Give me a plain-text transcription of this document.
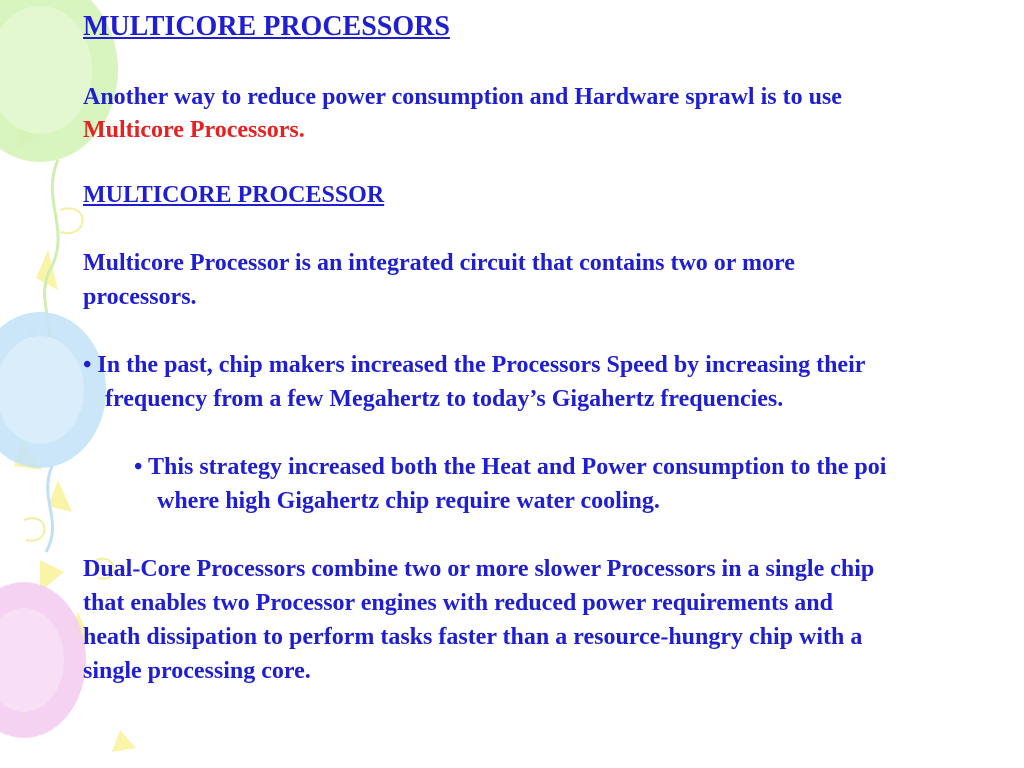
MULTICORE PROCESSORS

Another way to reduce power consumption and Hardware sprawl is to use

Multicore Processors.

MULTICORE PROCESSOR

Multicore Processor is an integrated circuit that contains two or more

processors.

• In the past, chip makers increased the Processors Speed by increasing their

frequency from a few Megahertz to today’s Gigahertz frequencies.

• This strategy increased both the Heat and Power consumption to the poi

where high Gigahertz chip require water cooling.

Dual-Core Processors combine two or more slower Processors in a single chip

that enables two Processor engines with reduced power requirements and

heath dissipation to perform tasks faster than a resource-hungry chip with a

single processing core.
